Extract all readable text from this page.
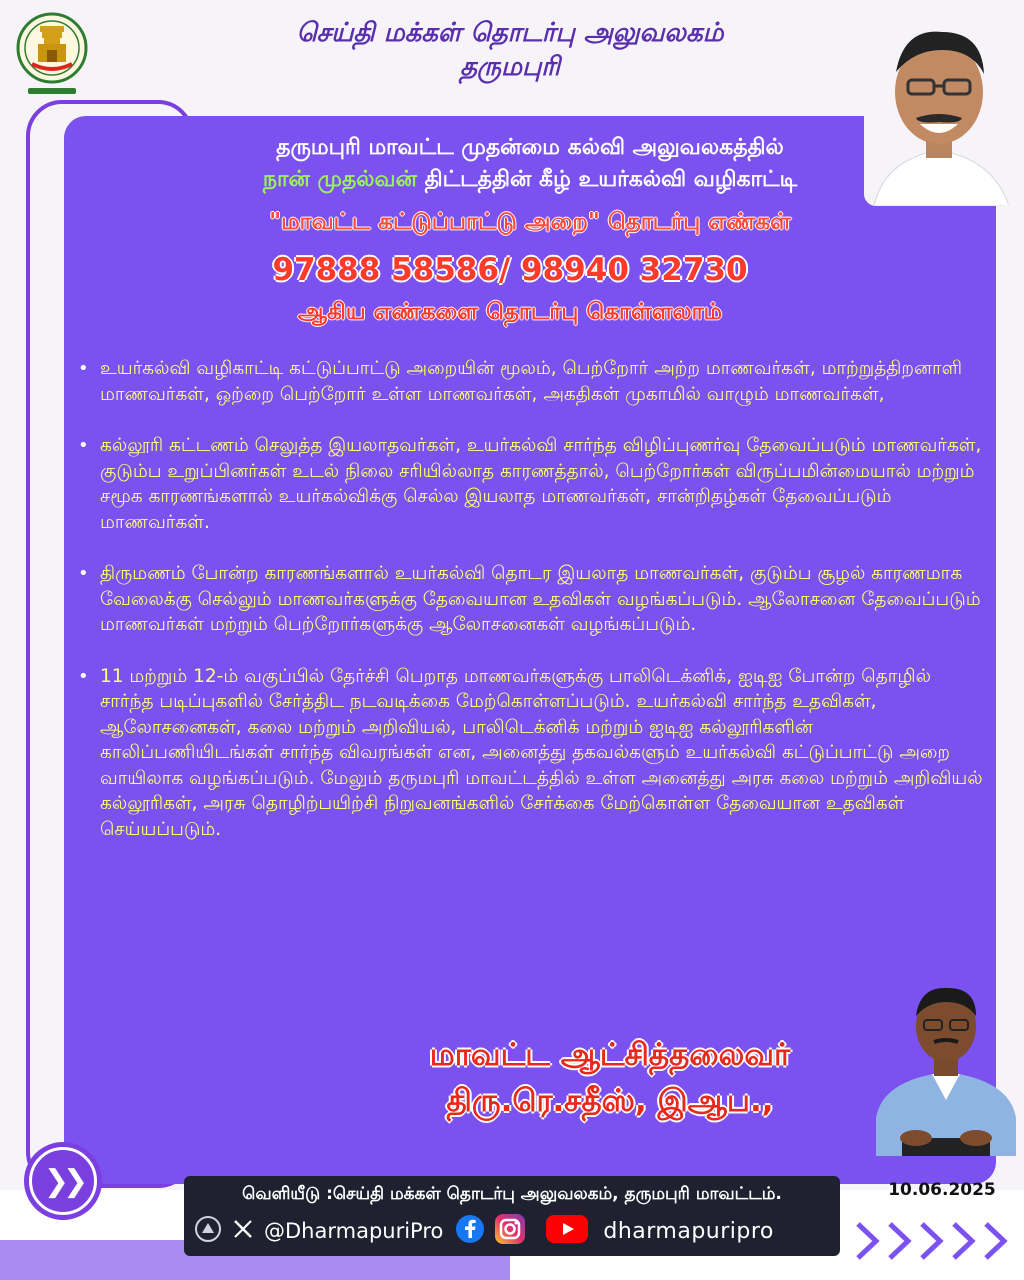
செய்தி மக்கள் தொடர்பு அலுவலகம்
தருமபுரி
தருமபுரி மாவட்ட முதன்மை கல்வி அலுவலகத்தில்
நான் முதல்வன் திட்டத்தின் கீழ் உயர்கல்வி வழிகாட்டி
"மாவட்ட கட்டுப்பாட்டு அறை" தொடர்பு எண்கள்
97888 58586/ 98940 32730
ஆகிய எண்களை தொடர்பு கொள்ளலாம்
• உயர்கல்வி வழிகாட்டி கட்டுப்பாட்டு அறையின் மூலம், பெற்றோர் அற்ற மாணவர்கள், மாற்றுத்திறனாளி மாணவர்கள், ஒற்றை பெற்றோர் உள்ள மாணவர்கள், அகதிகள் முகாமில் வாழும் மாணவர்கள்,
• கல்லூரி கட்டணம் செலுத்த இயலாதவர்கள், உயர்கல்வி சார்ந்த விழிப்புணர்வு தேவைப்படும் மாணவர்கள், குடும்ப உறுப்பினர்கள் உடல் நிலை சரியில்லாத காரணத்தால், பெற்றோர்கள் விருப்பமின்மையால் மற்றும் சமூக காரணங்களால் உயர்கல்விக்கு செல்ல இயலாத மாணவர்கள், சான்றிதழ்கள் தேவைப்படும் மாணவர்கள்.
• திருமணம் போன்ற காரணங்களால் உயர்கல்வி தொடர இயலாத மாணவர்கள், குடும்ப சூழல் காரணமாக வேலைக்கு செல்லும் மாணவர்களுக்கு தேவையான உதவிகள் வழங்கப்படும். ஆலோசனை தேவைப்படும் மாணவர்கள் மற்றும் பெற்றோர்களுக்கு ஆலோசனைகள் வழங்கப்படும்.
• 11 மற்றும் 12-ம் வகுப்பில் தேர்ச்சி பெறாத மாணவர்களுக்கு பாலிடெக்னிக், ஐடிஐ போன்ற தொழில் சார்ந்த படிப்புகளில் சேர்த்திட நடவடிக்கை மேற்கொள்ளப்படும். உயர்கல்வி சார்ந்த உதவிகள், ஆலோசனைகள், கலை மற்றும் அறிவியல், பாலிடெக்னிக் மற்றும் ஐடிஐ கல்லூரிகளின் காலிப்பணியிடங்கள் சார்ந்த விவரங்கள் என, அனைத்து தகவல்களும் உயர்கல்வி கட்டுப்பாட்டு அறை வாயிலாக வழங்கப்படும். மேலும் தருமபுரி மாவட்டத்தில் உள்ள அனைத்து அரசு கலை மற்றும் அறிவியல் கல்லூரிகள், அரசு தொழிற்பயிற்சி நிறுவனங்களில் சேர்க்கை மேற்கொள்ள தேவையான உதவிகள் செய்யப்படும்.
மாவட்ட ஆட்சித்தலைவர்
திரு.ரெ.சதீஸ், இஆப.,
❯❯	வெளியீடு :செய்தி மக்கள் தொடர்பு அலுவலகம், தருமபுரி மாவட்டம்.
@DharmapuriPro	dharmapuripro
10.06.2025
